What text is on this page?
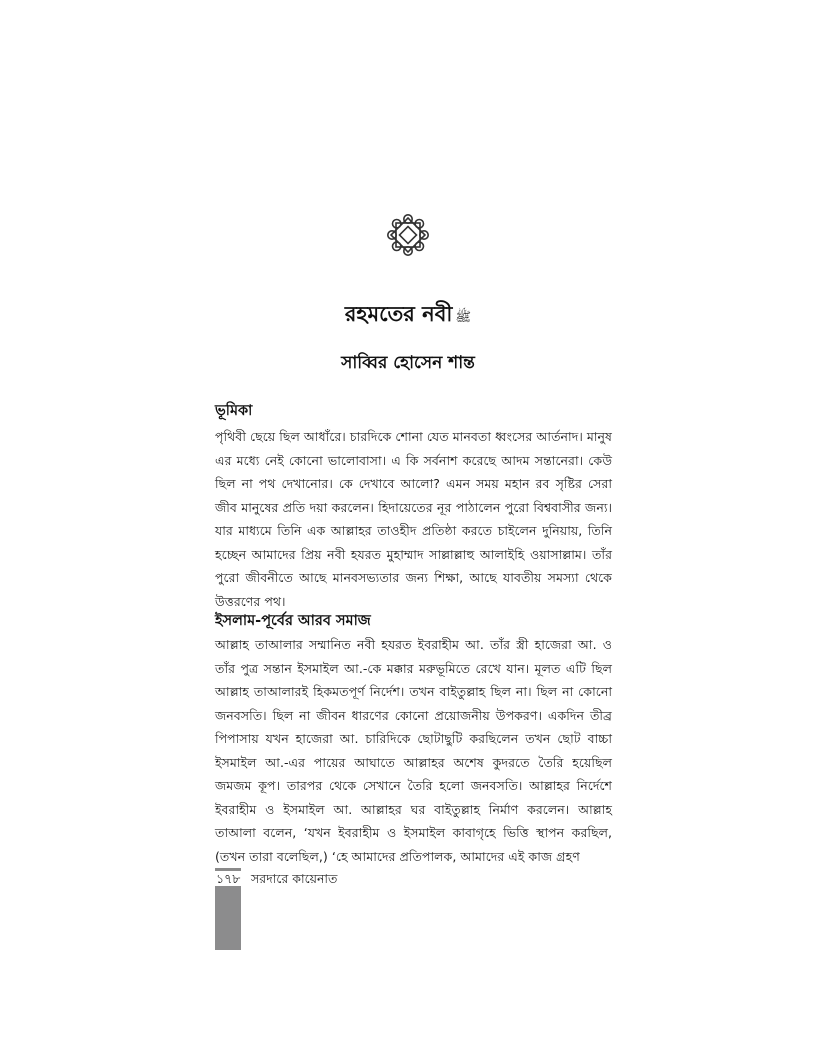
রহমতের নবী ﷺ
সাব্বির হোসেন শান্ত
ভূমিকা

পৃথিবী ছেয়ে ছিল আধাঁরে। চারদিকে শোনা যেত মানবতা ধ্বংসের আর্তনাদ। মানুষ এর মধ্যে নেই কোনো ভালোবাসা। এ কি সর্বনাশ করেছে আদম সন্তানেরা। কেউ ছিল না পথ দেখানোর। কে দেখাবে আলো? এমন সময় মহান রব সৃষ্টির সেরা জীব মানুষের প্রতি দয়া করলেন। হিদায়েতের নূর পাঠালেন পুরো বিশ্ববাসীর জন্য। যার মাধ্যমে তিনি এক আল্লাহর তাওহীদ প্রতিষ্ঠা করতে চাইলেন দুনিয়ায়, তিনি হচ্ছেন আমাদের প্রিয় নবী হযরত মুহাম্মাদ সাল্লাল্লাহু আলাইহি ওয়াসাল্লাম। তাঁর পুরো জীবনীতে আছে মানবসভ্যতার জন্য শিক্ষা, আছে যাবতীয় সমস্যা থেকে উত্তরণের পথ।

ইসলাম-পূর্বের আরব সমাজ

আল্লাহ তাআলার সম্মানিত নবী হযরত ইবরাহীম আ. তাঁর স্ত্রী হাজেরা আ. ও তাঁর পুত্র সন্তান ইসমাইল আ.-কে মক্কার মরুভূমিতে রেখে যান। মূলত এটি ছিল আল্লাহ তাআলারই হিকমতপূর্ণ নির্দেশ। তখন বাইতুল্লাহ ছিল না। ছিল না কোনো জনবসতি। ছিল না জীবন ধারণের কোনো প্রয়োজনীয় উপকরণ। একদিন তীব্র পিপাসায় যখন হাজেরা আ. চারিদিকে ছোটাছুটি করছিলেন তখন ছোট বাচ্চা ইসমাইল আ.-এর পায়ের আঘাতে আল্লাহর অশেষ কুদরতে তৈরি হয়েছিল জমজম কূপ। তারপর থেকে সেখানে তৈরি হলো জনবসতি। আল্লাহর নির্দেশে ইবরাহীম ও ইসমাইল আ. আল্লাহর ঘর বাইতুল্লাহ নির্মাণ করলেন। আল্লাহ তাআলা বলেন, ‘যখন ইবরাহীম ও ইসমাইল কাবাগৃহে ভিত্তি স্থাপন করছিল, (তখন তারা বলেছিল,) ‘হে আমাদের প্রতিপালক, আমাদের এই কাজ গ্রহণ

১৭৮ সরদারে কায়েনাত
